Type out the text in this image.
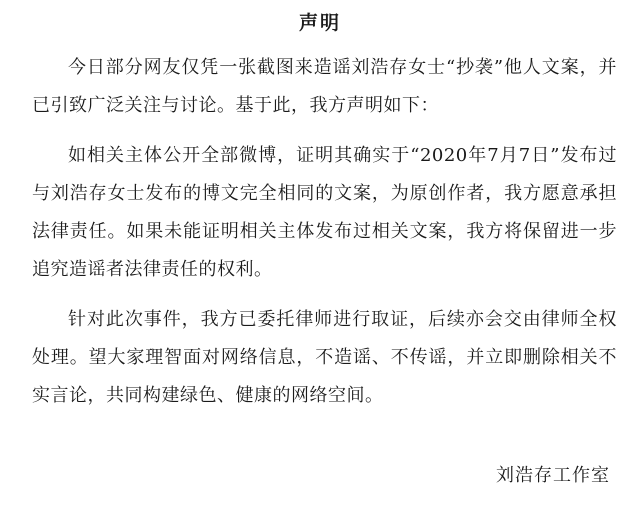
声明

今日部分网友仅凭一张截图来造谣刘浩存女士“抄袭”他人文案，并已引致广泛关注与讨论。基于此，我方声明如下：

如相关主体公开全部微博，证明其确实于“2020年7月7日”发布过与刘浩存女士发布的博文完全相同的文案，为原创作者，我方愿意承担法律责任。如果未能证明相关主体发布过相关文案，我方将保留进一步追究造谣者法律责任的权利。

针对此次事件，我方已委托律师进行取证，后续亦会交由律师全权处理。望大家理智面对网络信息，不造谣、不传谣，并立即删除相关不实言论，共同构建绿色、健康的网络空间。

刘浩存工作室
